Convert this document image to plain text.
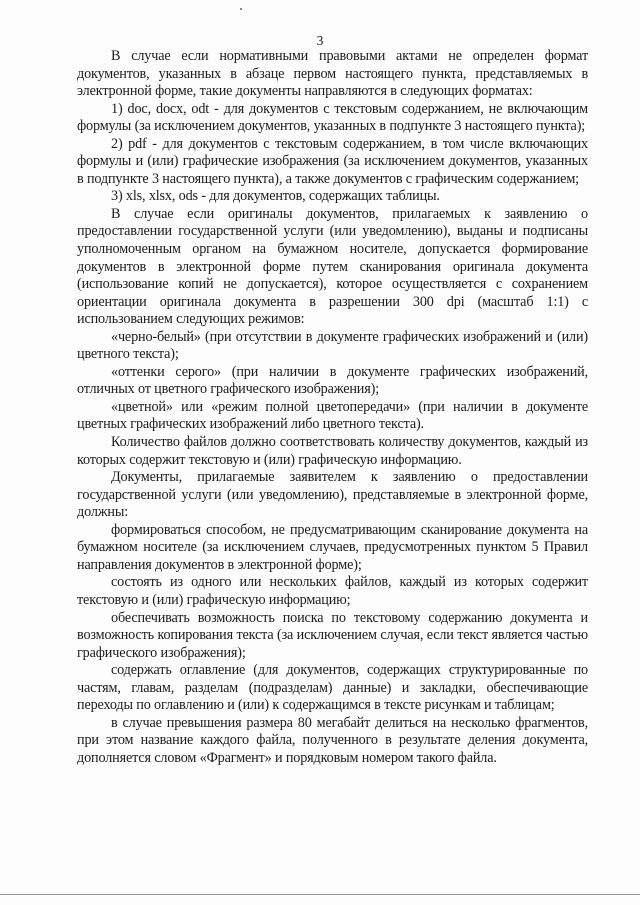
3

В случае если нормативными правовыми актами не определен формат документов, указанных в абзаце первом настоящего пункта, представляемых в электронной форме, такие документы направляются в следующих форматах:

1) doc, docx, odt - для документов с текстовым содержанием, не включающим формулы (за исключением документов, указанных в подпункте 3 настоящего пункта);

2) pdf - для документов с текстовым содержанием, в том числе включающих формулы и (или) графические изображения (за исключением документов, указанных в подпункте 3 настоящего пункта), а также документов с графическим содержанием;

3) xls, xlsx, ods - для документов, содержащих таблицы.

В случае если оригиналы документов, прилагаемых к заявлению о предоставлении государственной услуги (или уведомлению), выданы и подписаны уполномоченным органом на бумажном носителе, допускается формирование документов в электронной форме путем сканирования оригинала документа (использование копий не допускается), которое осуществляется с сохранением ориентации оригинала документа в разрешении 300 dpi (масштаб 1:1) с использованием следующих режимов:

«черно-белый» (при отсутствии в документе графических изображений и (или) цветного текста);

«оттенки серого» (при наличии в документе графических изображений, отличных от цветного графического изображения);

«цветной» или «режим полной цветопередачи» (при наличии в документе цветных графических изображений либо цветного текста).

Количество файлов должно соответствовать количеству документов, каждый из которых содержит текстовую и (или) графическую информацию.

Документы, прилагаемые заявителем к заявлению о предоставлении государственной услуги (или уведомлению), представляемые в электронной форме, должны:

формироваться способом, не предусматривающим сканирование документа на бумажном носителе (за исключением случаев, предусмотренных пунктом 5 Правил направления документов в электронной форме);

состоять из одного или нескольких файлов, каждый из которых содержит текстовую и (или) графическую информацию;

обеспечивать возможность поиска по текстовому содержанию документа и возможность копирования текста (за исключением случая, если текст является частью графического изображения);

содержать оглавление (для документов, содержащих структурированные по частям, главам, разделам (подразделам) данные) и закладки, обеспечивающие переходы по оглавлению и (или) к содержащимся в тексте рисункам и таблицам;

в случае превышения размера 80 мегабайт делиться на несколько фрагментов, при этом название каждого файла, полученного в результате деления документа, дополняется словом «Фрагмент» и порядковым номером такого файла.
